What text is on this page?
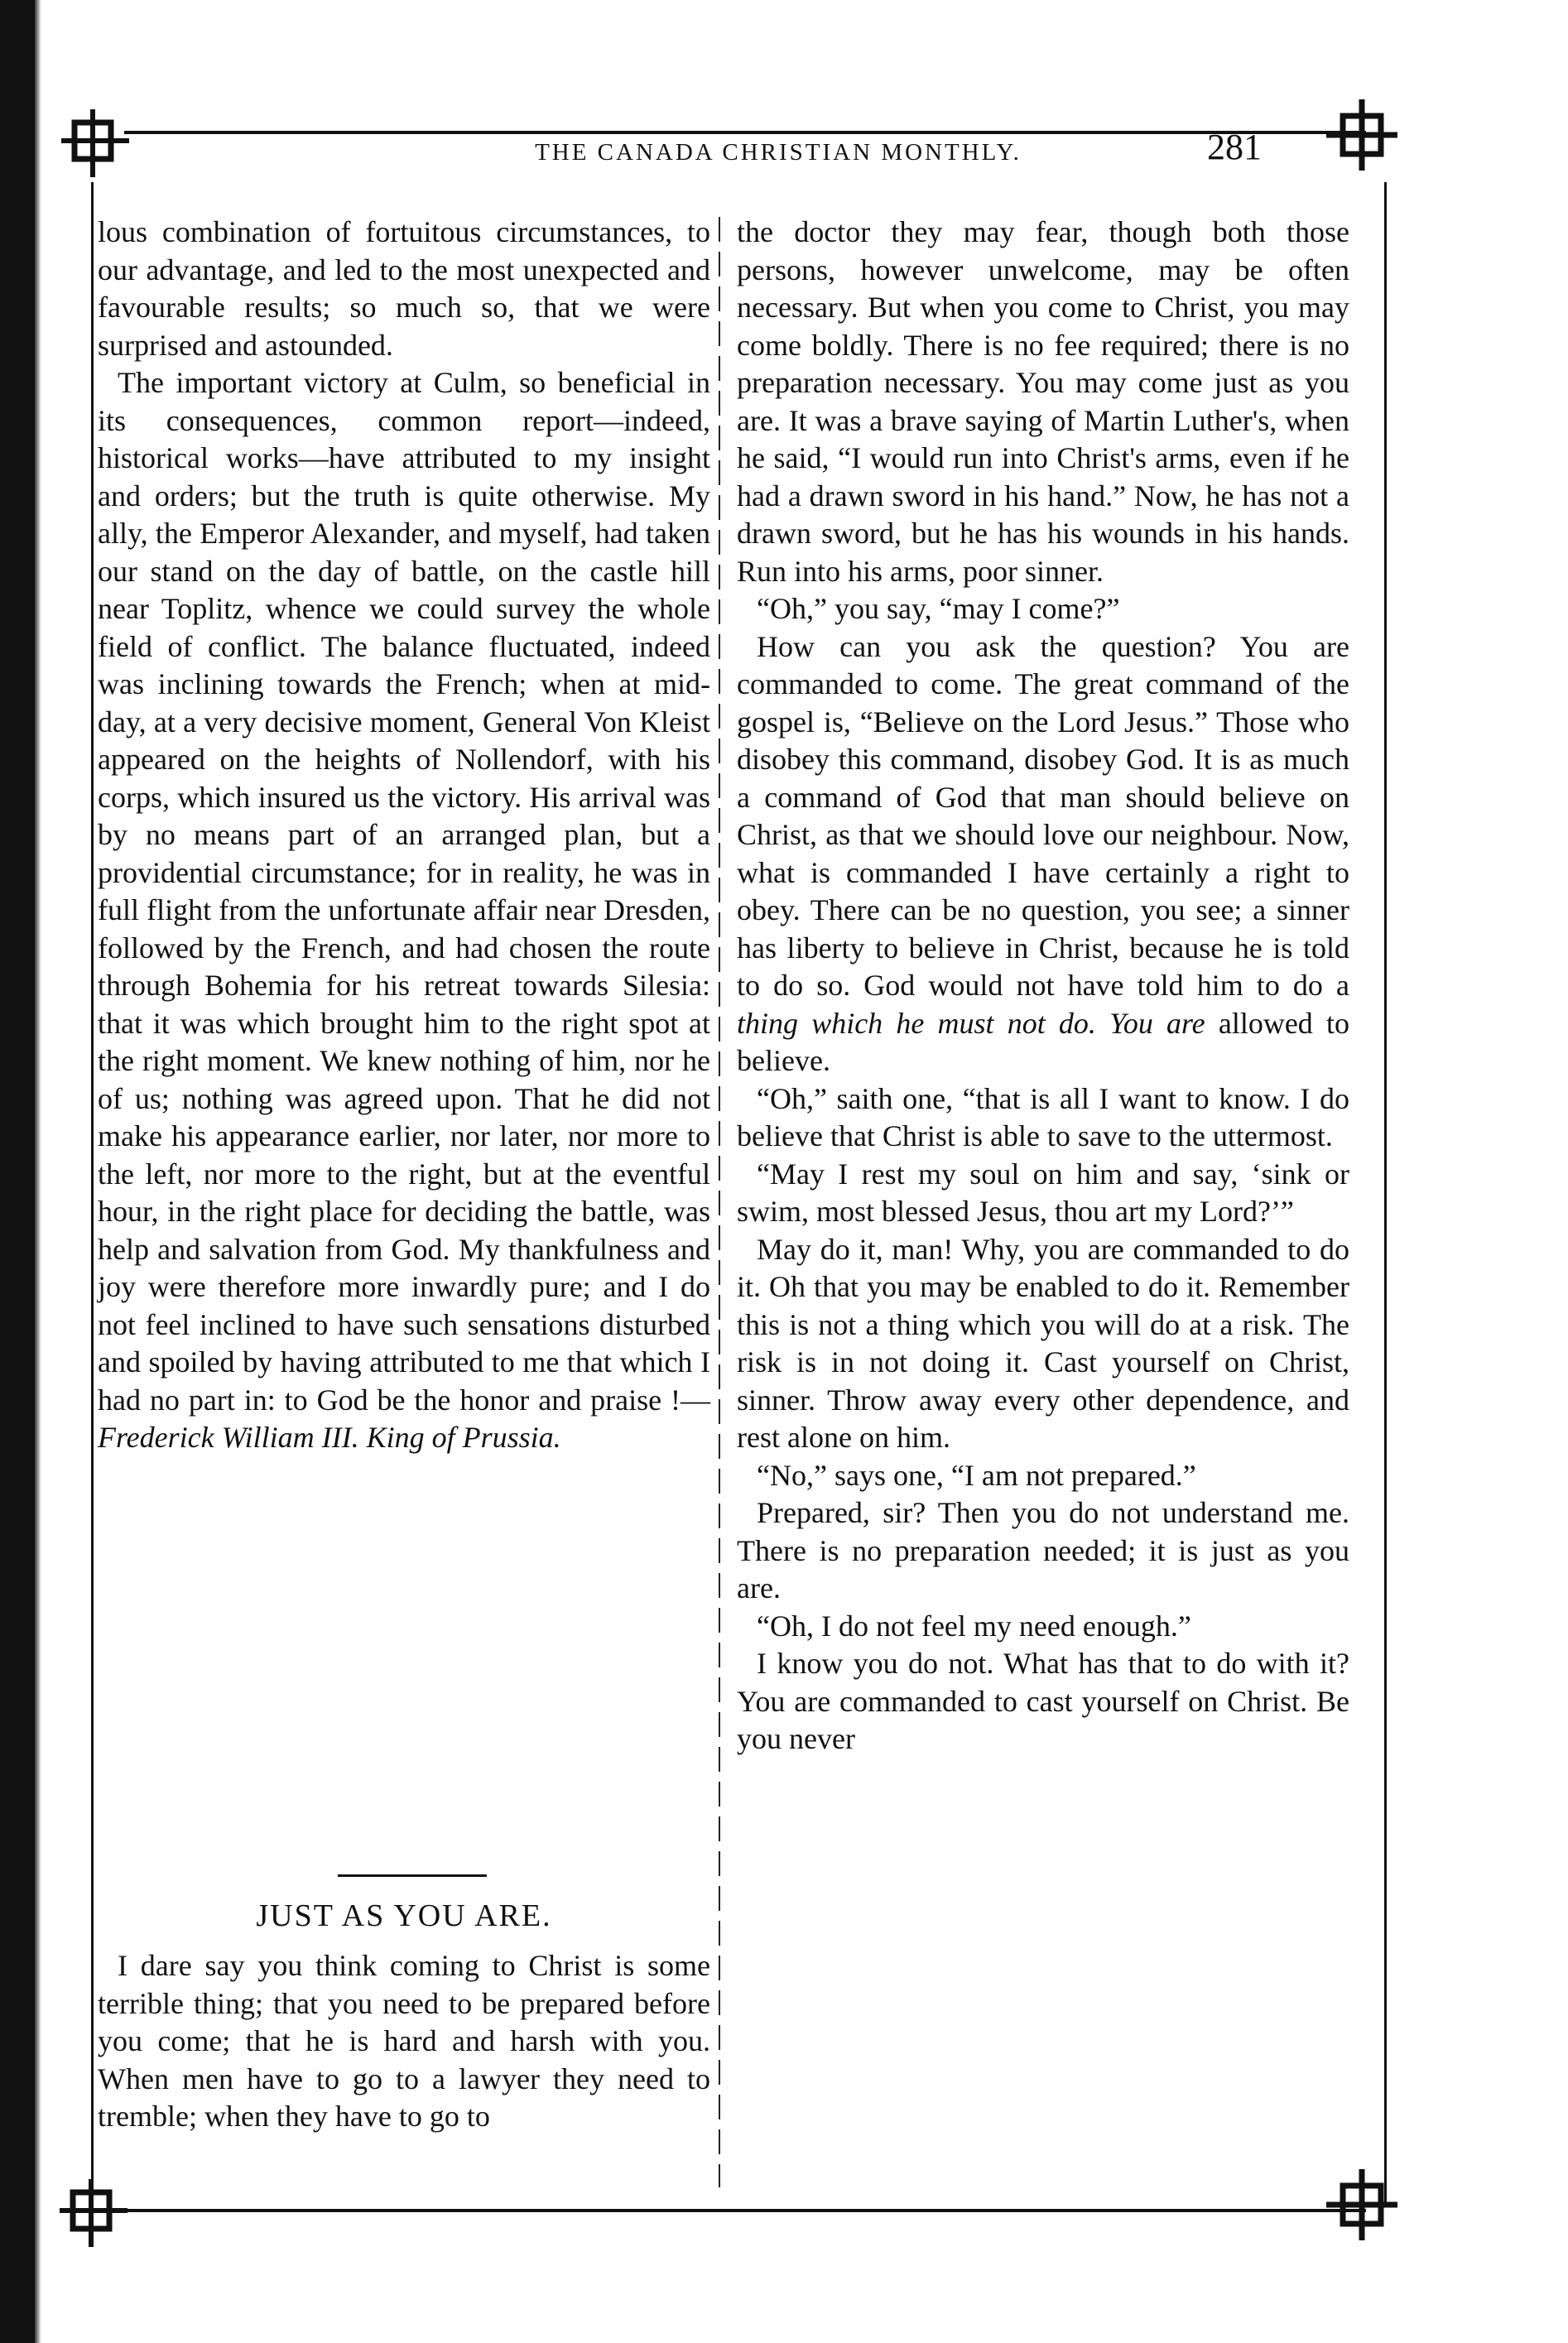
THE CANADA CHRISTIAN MONTHLY.	281

lous combination of fortuitous circumstances, to our advantage, and led to the most unexpected and favourable results; so much so, that we were surprised and astounded.

The important victory at Culm, so beneficial in its consequences, common report—indeed, historical works—have attributed to my insight and orders; but the truth is quite otherwise. My ally, the Emperor Alexander, and myself, had taken our stand on the day of battle, on the castle hill near Toplitz, whence we could survey the whole field of conflict. The balance fluctuated, indeed was inclining towards the French; when at mid-day, at a very decisive moment, General Von Kleist appeared on the heights of Nollendorf, with his corps, which insured us the victory. His arrival was by no means part of an arranged plan, but a providential circumstance; for in reality, he was in full flight from the unfortunate affair near Dresden, followed by the French, and had chosen the route through Bohemia for his retreat towards Silesia: that it was which brought him to the right spot at the right moment. We knew nothing of him, nor he of us; nothing was agreed upon. That he did not make his appearance earlier, nor later, nor more to the left, nor more to the right, but at the eventful hour, in the right place for deciding the battle, was help and salvation from God. My thankfulness and joy were therefore more inwardly pure; and I do not feel inclined to have such sensations disturbed and spoiled by having attributed to me that which I had no part in: to God be the honor and praise !—Frederick William III. King of Prussia.

JUST AS YOU ARE.

I dare say you think coming to Christ is some terrible thing; that you need to be prepared before you come; that he is hard and harsh with you. When men have to go to a lawyer they need to tremble; when they have to go to

the doctor they may fear, though both those persons, however unwelcome, may be often necessary. But when you come to Christ, you may come boldly. There is no fee required; there is no preparation necessary. You may come just as you are. It was a brave saying of Martin Luther's, when he said, “I would run into Christ's arms, even if he had a drawn sword in his hand.” Now, he has not a drawn sword, but he has his wounds in his hands. Run into his arms, poor sinner.

“Oh,” you say, “may I come?”

How can you ask the question? You are commanded to come. The great command of the gospel is, “Believe on the Lord Jesus.” Those who disobey this command, disobey God. It is as much a command of God that man should believe on Christ, as that we should love our neighbour. Now, what is commanded I have certainly a right to obey. There can be no question, you see; a sinner has liberty to believe in Christ, because he is told to do so. God would not have told him to do a thing which he must not do. You are allowed to believe.

“Oh,” saith one, “that is all I want to know. I do believe that Christ is able to save to the uttermost.

“May I rest my soul on him and say, ‘sink or swim, most blessed Jesus, thou art my Lord?’”

May do it, man! Why, you are commanded to do it. Oh that you may be enabled to do it. Remember this is not a thing which you will do at a risk. The risk is in not doing it. Cast yourself on Christ, sinner. Throw away every other dependence, and rest alone on him.

“No,” says one, “I am not prepared.”

Prepared, sir? Then you do not understand me. There is no preparation needed; it is just as you are.

“Oh, I do not feel my need enough.”

I know you do not. What has that to do with it? You are commanded to cast yourself on Christ. Be you never
